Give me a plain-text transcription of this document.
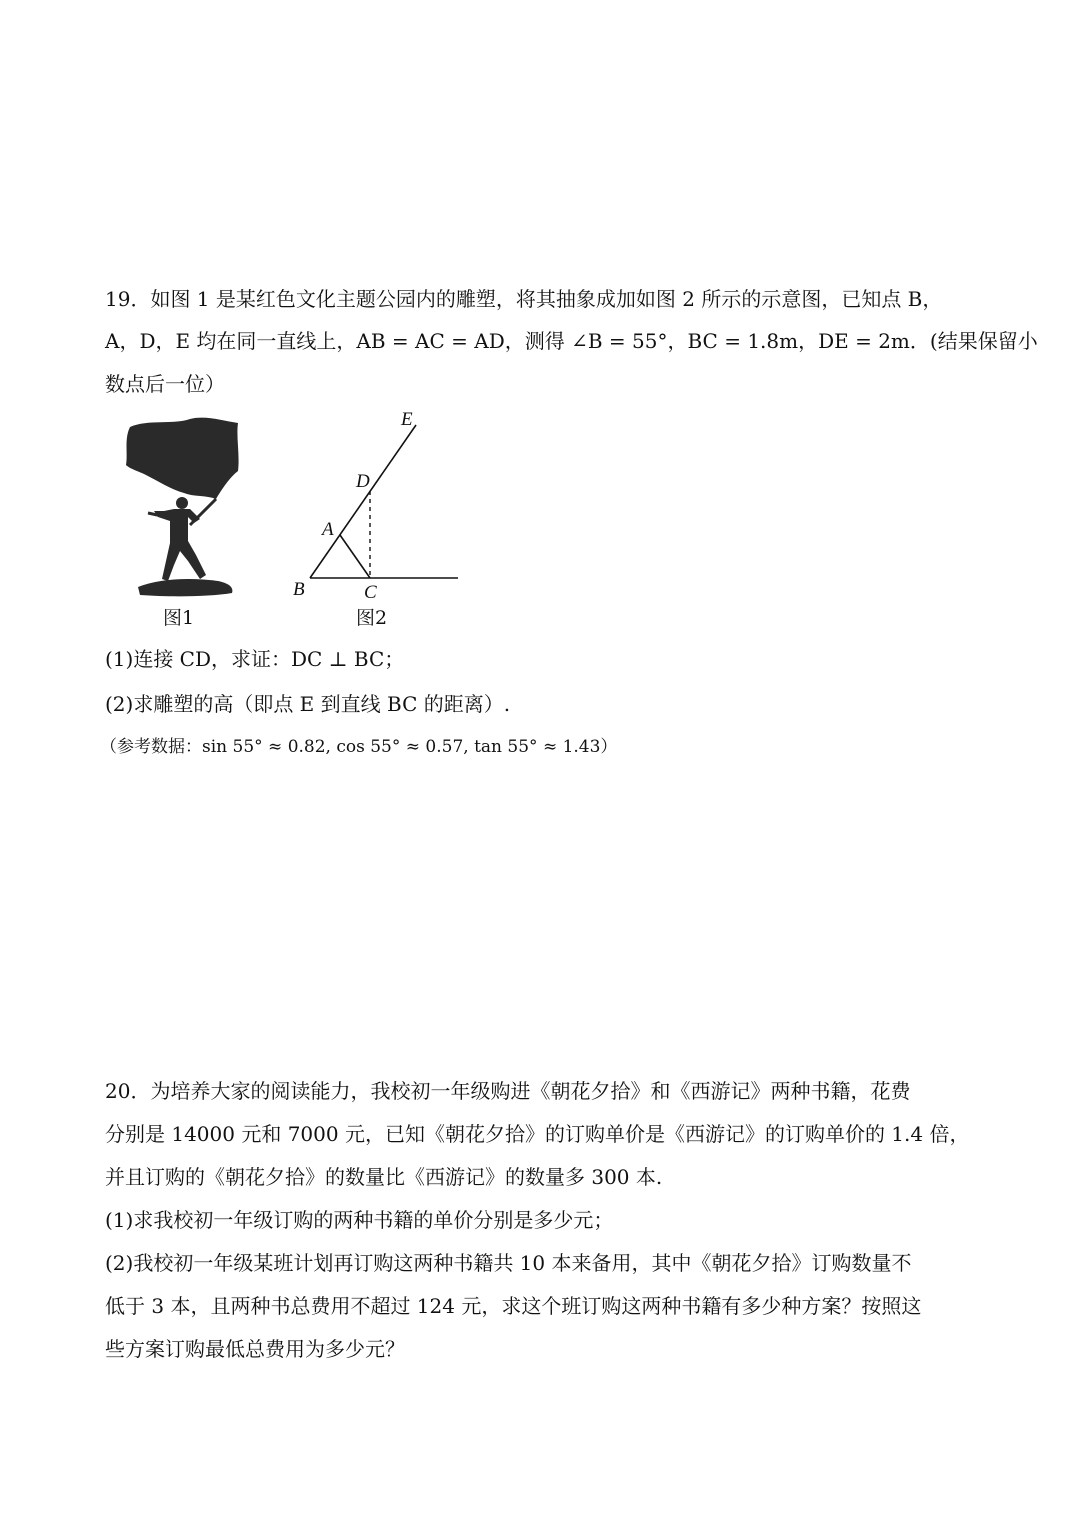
19．如图 1 是某红色文化主题公园内的雕塑，将其抽象成加如图 2 所示的示意图，已知点 B，
A，D，E 均在同一直线上，AB = AC = AD，测得 ∠B = 55°，BC = 1.8m，DE = 2m．(结果保留小
数点后一位）
图1
E
D
A
B	C
图2
(1)连接 CD，求证：DC ⊥ BC；
(2)求雕塑的高（即点 E 到直线 BC 的距离）.
（参考数据：sin 55° ≈ 0.82, cos 55° ≈ 0.57, tan 55° ≈ 1.43）
20．为培养大家的阅读能力，我校初一年级购进《朝花夕拾》和《西游记》两种书籍，花费
分别是 14000 元和 7000 元，已知《朝花夕拾》的订购单价是《西游记》的订购单价的 1.4 倍，
并且订购的《朝花夕拾》的数量比《西游记》的数量多 300 本.
(1)求我校初一年级订购的两种书籍的单价分别是多少元；
(2)我校初一年级某班计划再订购这两种书籍共 10 本来备用，其中《朝花夕拾》订购数量不
低于 3 本，且两种书总费用不超过 124 元，求这个班订购这两种书籍有多少种方案？按照这
些方案订购最低总费用为多少元？
